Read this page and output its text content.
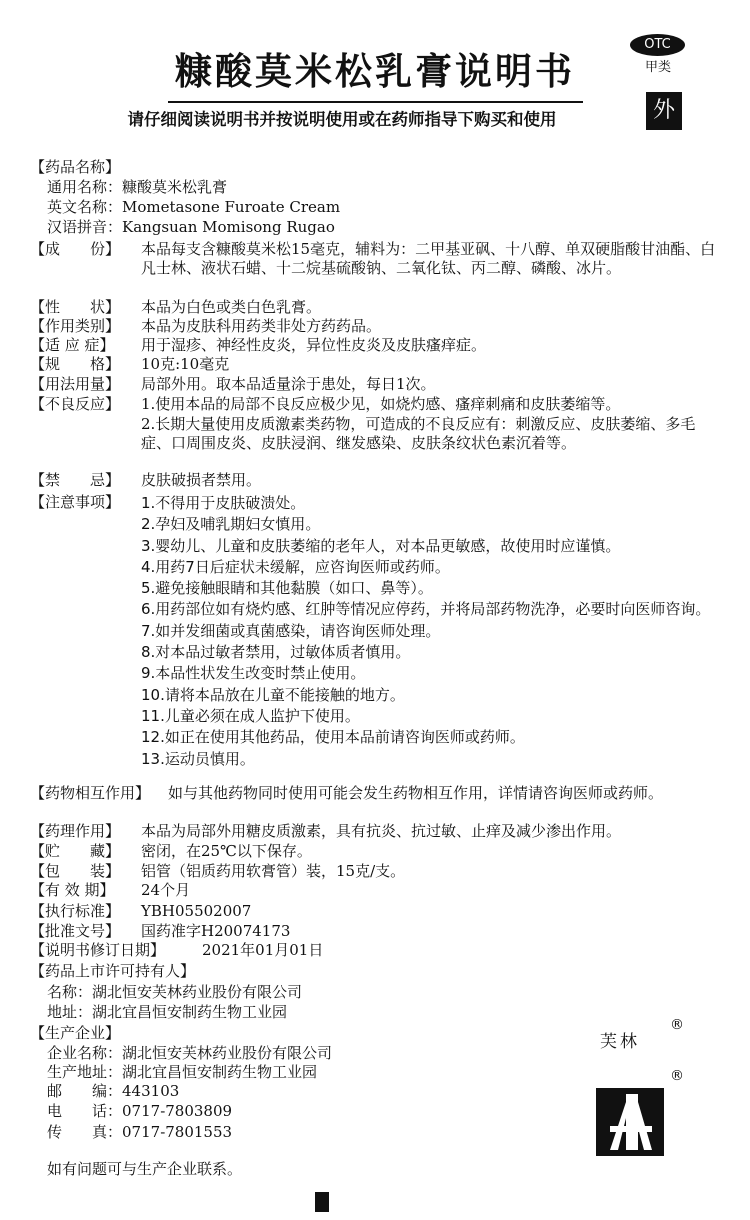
糠酸莫米松乳膏说明书
OTC
甲类
外
请仔细阅读说明书并按说明使用或在药师指导下购买和使用
【药品名称】
通用名称：糠酸莫米松乳膏
英文名称：Mometasone Furoate Cream
汉语拼音：Kangsuan Momisong Rugao
【成　　份】 本品每支含糠酸莫米松15毫克，辅料为：二甲基亚砜、十八醇、单双硬脂酸甘油酯、白凡士林、液状石蜡、十二烷基硫酸钠、二氧化钛、丙二醇、磷酸、冰片。
【性　　状】 本品为白色或类白色乳膏。
【作用类别】 本品为皮肤科用药类非处方药药品。
【适 应 症】 用于湿疹、神经性皮炎，异位性皮炎及皮肤瘙痒症。
【规　　格】 10克:10毫克
【用法用量】 局部外用。取本品适量涂于患处，每日1次。
【不良反应】 1.使用本品的局部不良反应极少见，如烧灼感、瘙痒刺痛和皮肤萎缩等。
2.长期大量使用皮质激素类药物，可造成的不良反应有：刺激反应、皮肤萎缩、多毛症、口周围皮炎、皮肤浸润、继发感染、皮肤条纹状色素沉着等。
【禁　　忌】 皮肤破损者禁用。
【注意事项】 1.不得用于皮肤破溃处。
2.孕妇及哺乳期妇女慎用。
3.婴幼儿、儿童和皮肤萎缩的老年人，对本品更敏感，故使用时应谨慎。
4.用药7日后症状未缓解，应咨询医师或药师。
5.避免接触眼睛和其他黏膜（如口、鼻等）。
6.用药部位如有烧灼感、红肿等情况应停药，并将局部药物洗净，必要时向医师咨询。
7.如并发细菌或真菌感染，请咨询医师处理。
8.对本品过敏者禁用，过敏体质者慎用。
9.本品性状发生改变时禁止使用。
10.请将本品放在儿童不能接触的地方。
11.儿童必须在成人监护下使用。
12.如正在使用其他药品，使用本品前请咨询医师或药师。
13.运动员慎用。
【药物相互作用】 如与其他药物同时使用可能会发生药物相互作用，详情请咨询医师或药师。
【药理作用】 本品为局部外用糖皮质激素，具有抗炎、抗过敏、止痒及减少渗出作用。
【贮　　藏】 密闭，在25℃以下保存。
【包　　装】 铝管（铝质药用软膏管）装，15克/支。
【有 效 期】 24个月
【执行标准】 YBH05502007
【批准文号】 国药准字H20074173
【说明书修订日期】 2021年01月01日
【药品上市许可持有人】
名称：湖北恒安芙林药业股份有限公司
地址：湖北宜昌恒安制药生物工业园
【生产企业】
企业名称：湖北恒安芙林药业股份有限公司
生产地址：湖北宜昌恒安制药生物工业园
邮　　编：443103
电　　话：0717-7803809
传　　真：0717-7801553
芙林
®
®
如有问题可与生产企业联系。
